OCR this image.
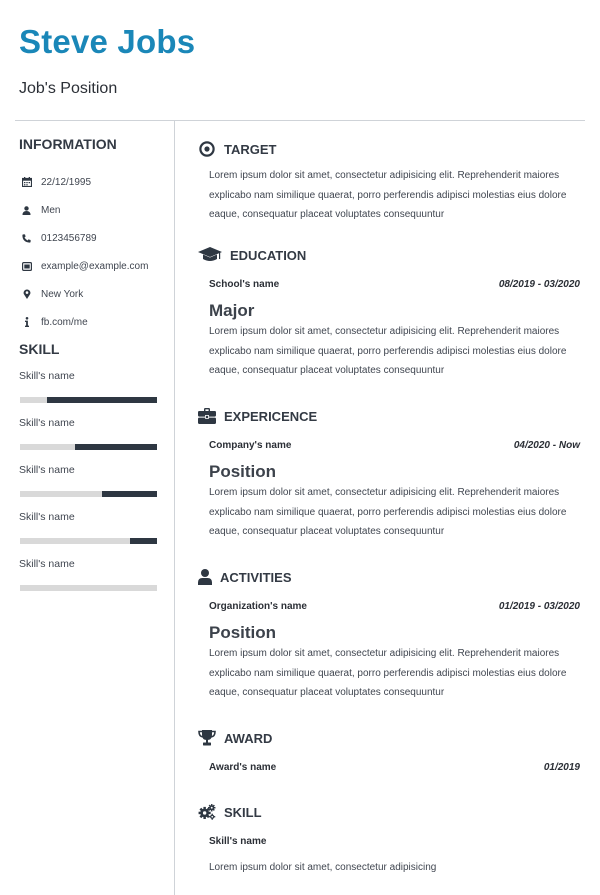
Steve Jobs
Job's Position
INFORMATION
22/12/1995
Men
0123456789
example@example.com
New York
fb.com/me
SKILL
Skill's name
Skill's name
Skill's name
Skill's name
Skill's name
TARGET
Lorem ipsum dolor sit amet, consectetur adipisicing elit. Reprehenderit maiores explicabo nam similique quaerat, porro perferendis adipisci molestias eius dolore eaque, consequatur placeat voluptates consequuntur
EDUCATION
School's name	08/2019 - 03/2020
Major
Lorem ipsum dolor sit amet, consectetur adipisicing elit. Reprehenderit maiores explicabo nam similique quaerat, porro perferendis adipisci molestias eius dolore eaque, consequatur placeat voluptates consequuntur
EXPERICENCE
Company's name	04/2020 - Now
Position
Lorem ipsum dolor sit amet, consectetur adipisicing elit. Reprehenderit maiores explicabo nam similique quaerat, porro perferendis adipisci molestias eius dolore eaque, consequatur placeat voluptates consequuntur
ACTIVITIES
Organization's name	01/2019 - 03/2020
Position
Lorem ipsum dolor sit amet, consectetur adipisicing elit. Reprehenderit maiores explicabo nam similique quaerat, porro perferendis adipisci molestias eius dolore eaque, consequatur placeat voluptates consequuntur
AWARD
Award's name	01/2019
SKILL
Skill's name
Lorem ipsum dolor sit amet, consectetur adipisicing
